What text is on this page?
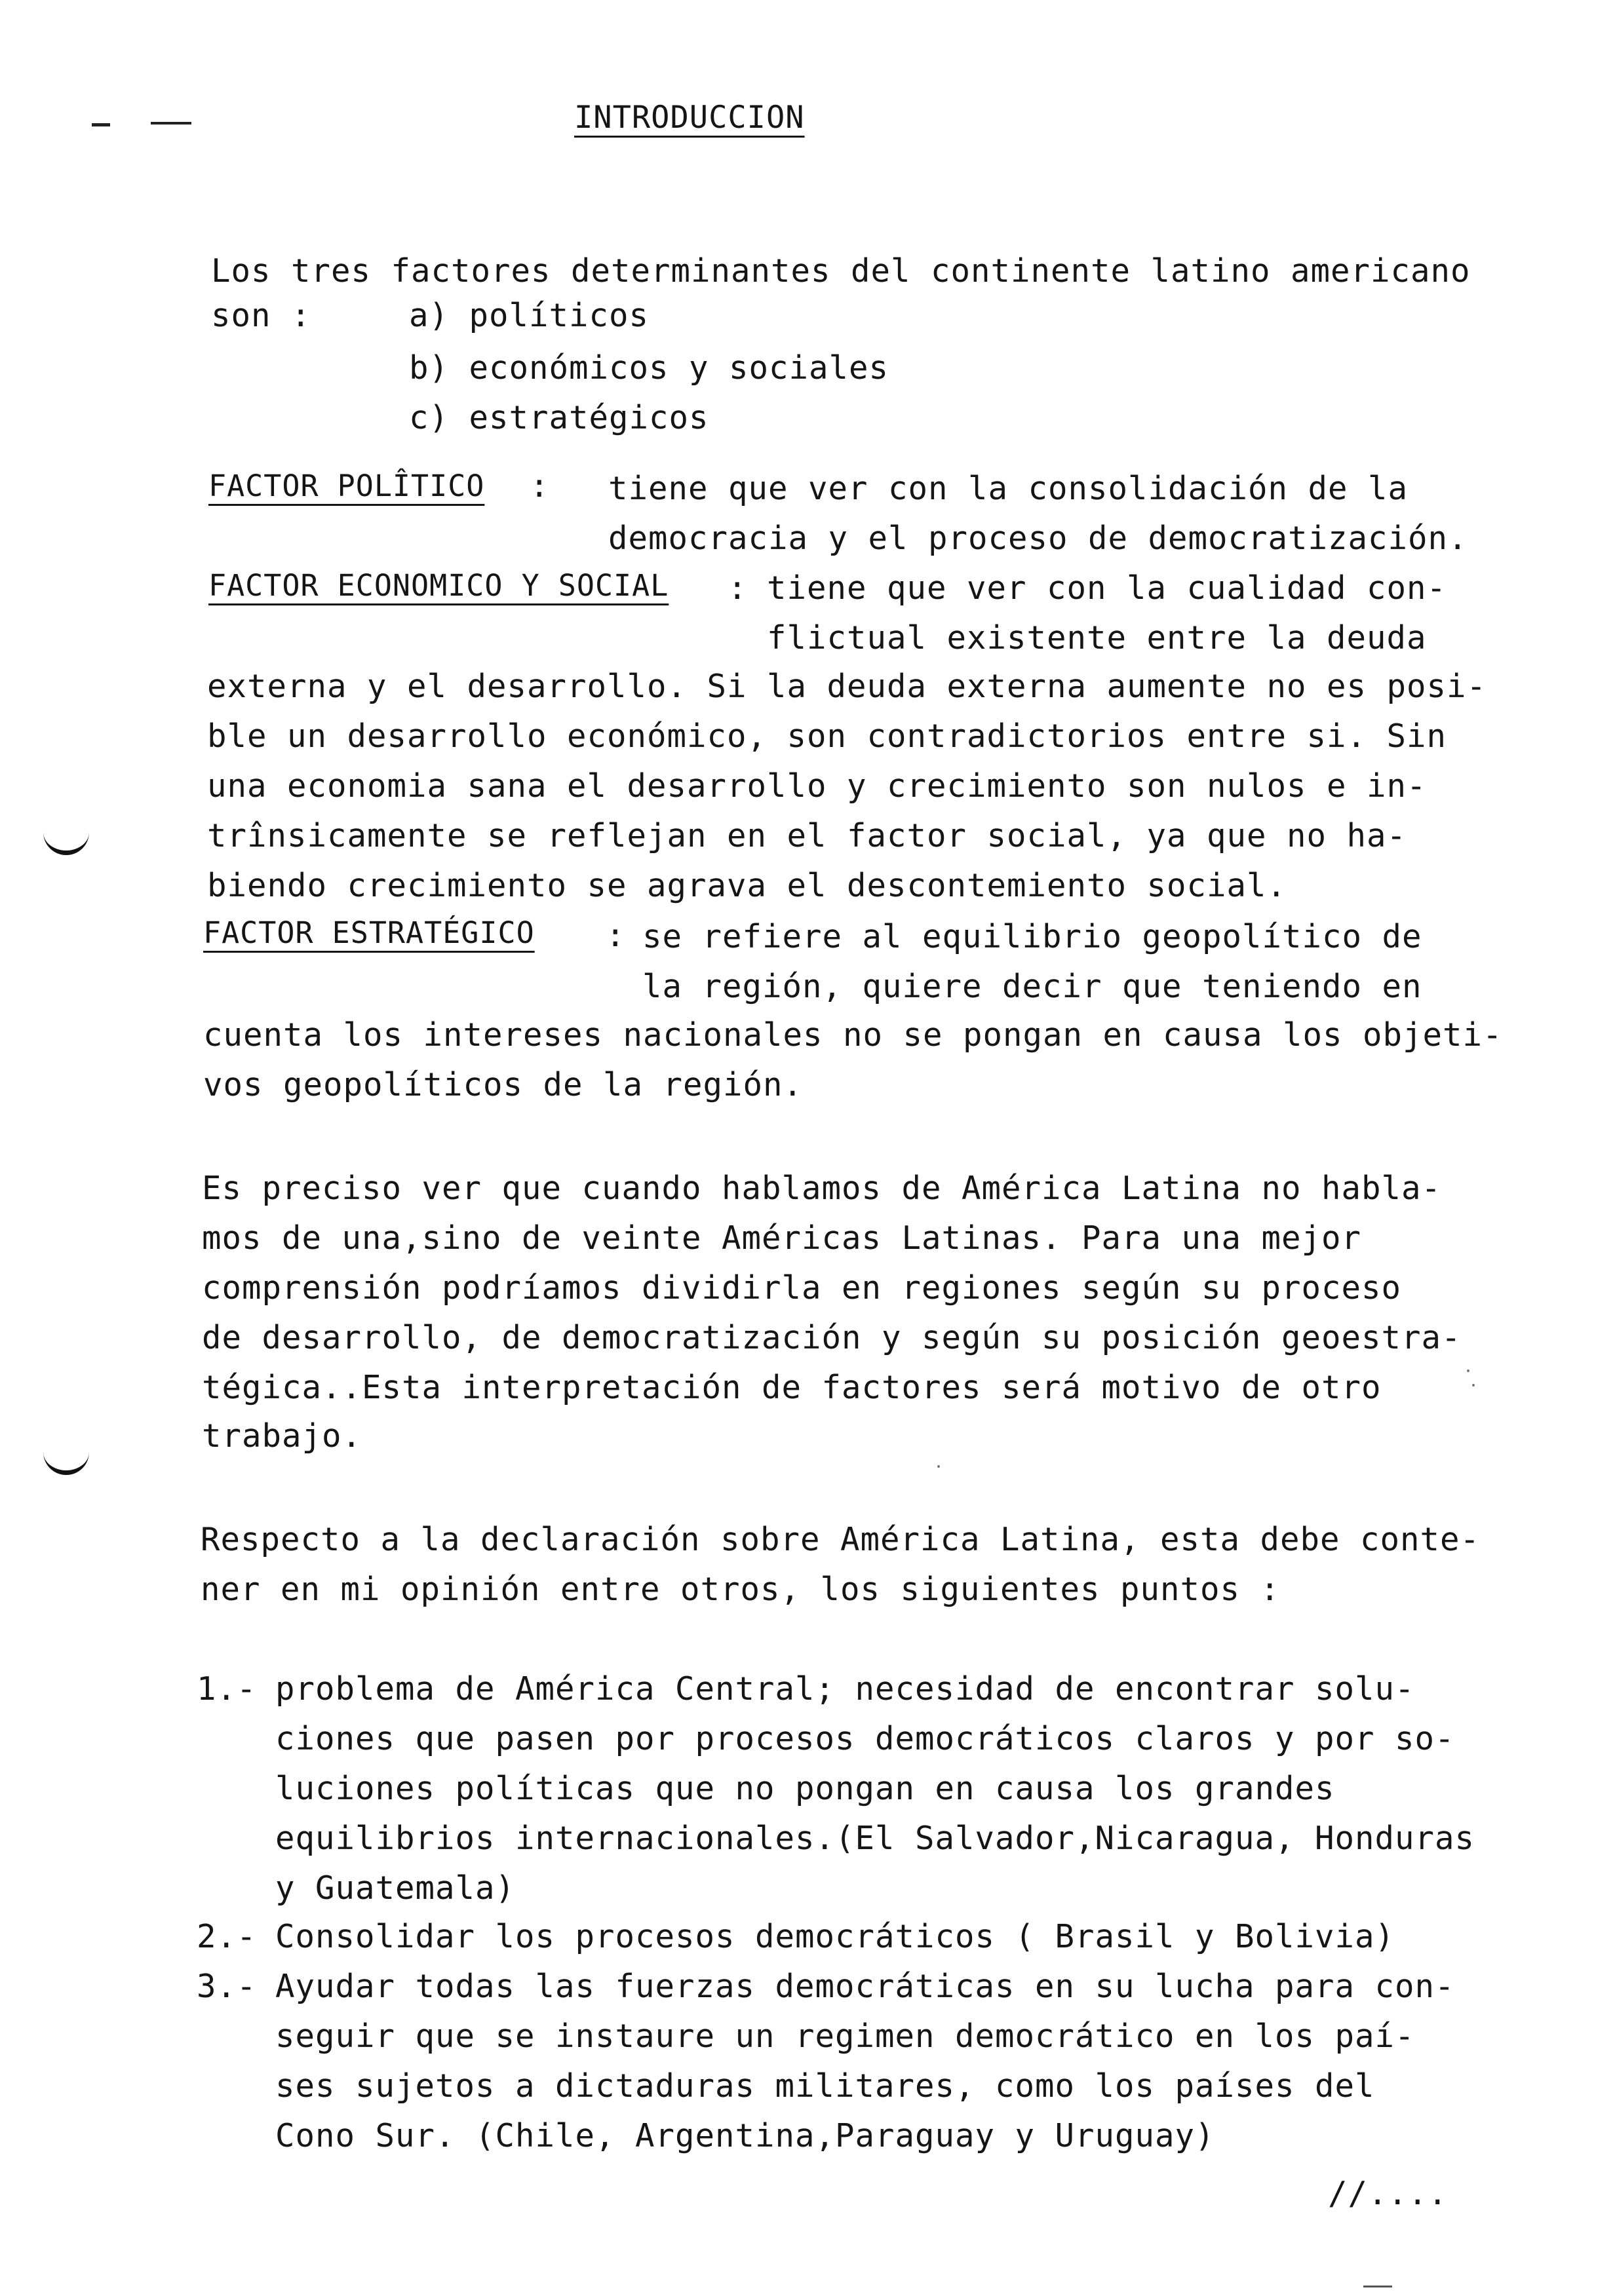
INTRODUCCION
Los tres factores determinantes del continente latino americano
son :	a) políticos
b) económicos y sociales
c) estratégicos
FACTOR POLÎTICO : tiene que ver con la consolidación de la
democracia y el proceso de democratización.
FACTOR ECONOMICO Y SOCIAL : tiene que ver con la cualidad con-
flictual existente entre la deuda
externa y el desarrollo. Si la deuda externa aumente no es posi-
ble un desarrollo económico, son contradictorios entre si. Sin
una economia sana el desarrollo y crecimiento son nulos e in-
trînsicamente se reflejan en el factor social, ya que no ha-
biendo crecimiento se agrava el descontemiento social.
FACTOR ESTRATÉGICO : se refiere al equilibrio geopolítico de
la región, quiere decir que teniendo en
cuenta los intereses nacionales no se pongan en causa los objeti-
vos geopolíticos de la región.
Es preciso ver que cuando hablamos de América Latina no habla-
mos de una,sino de veinte Américas Latinas. Para una mejor
comprensión podríamos dividirla en regiones según su proceso
de desarrollo, de democratización y según su posición geoestra-
tégica..Esta interpretación de factores será motivo de otro
trabajo.
Respecto a la declaración sobre América Latina, esta debe conte-
ner en mi opinión entre otros, los siguientes puntos :
1.- problema de América Central; necesidad de encontrar solu-
ciones que pasen por procesos democráticos claros y por so-
luciones políticas que no pongan en causa los grandes
equilibrios internacionales.(El Salvador,Nicaragua, Honduras
y Guatemala)
2.- Consolidar los procesos democráticos ( Brasil y Bolivia)
3.- Ayudar todas las fuerzas democráticas en su lucha para con-
seguir que se instaure un regimen democrático en los paí-
ses sujetos a dictaduras militares, como los países del
Cono Sur. (Chile, Argentina,Paraguay y Uruguay)
//....
